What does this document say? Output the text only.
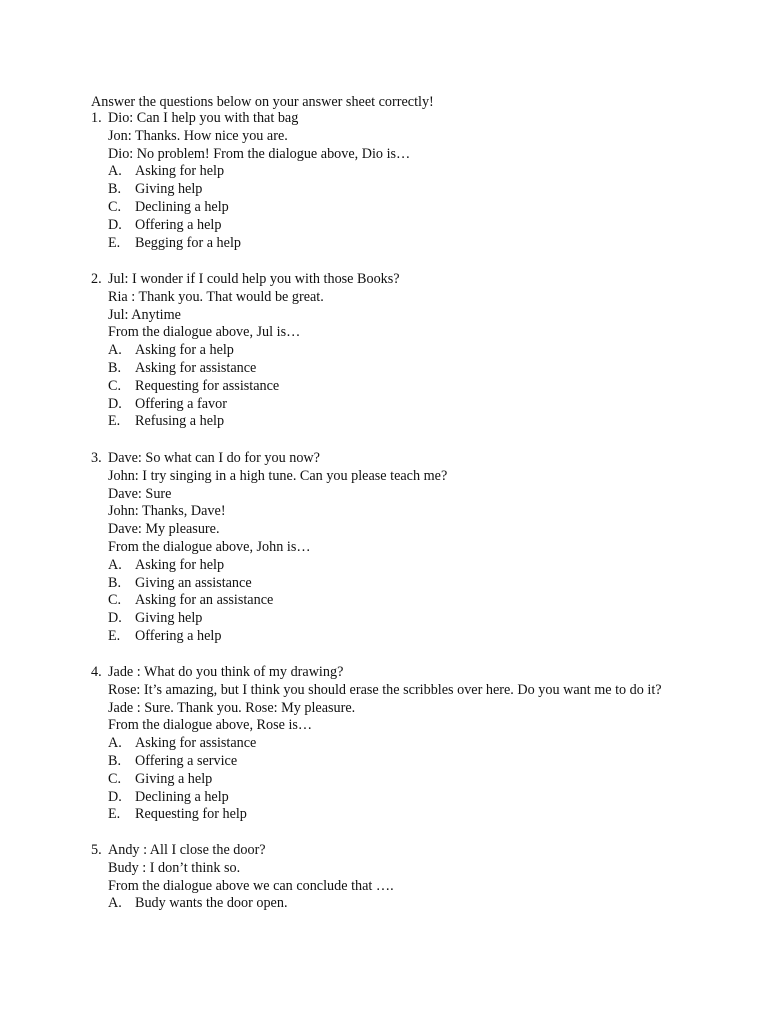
Answer the questions below on your answer sheet correctly!
1. Dio: Can I help you with that bag
Jon: Thanks. How nice you are.
Dio: No problem! From the dialogue above, Dio is…
A. Asking for help
B. Giving help
C. Declining a help
D. Offering a help
E. Begging for a help
2. Jul: I wonder if I could help you with those Books?
Ria : Thank you. That would be great.
Jul: Anytime
From the dialogue above, Jul is…
A. Asking for a help
B. Asking for assistance
C. Requesting for assistance
D. Offering a favor
E. Refusing a help
3. Dave: So what can I do for you now?
John: I try singing in a high tune. Can you please teach me?
Dave: Sure
John: Thanks, Dave!
Dave: My pleasure.
From the dialogue above, John is…
A. Asking for help
B. Giving an assistance
C. Asking for an assistance
D. Giving help
E. Offering a help
4. Jade : What do you think of my drawing?
Rose: It’s amazing, but I think you should erase the scribbles over here. Do you want me to do it?
Jade : Sure. Thank you. Rose: My pleasure.
From the dialogue above, Rose is…
A. Asking for assistance
B. Offering a service
C. Giving a help
D. Declining a help
E. Requesting for help
5. Andy : All I close the door?
Budy : I don’t think so.
From the dialogue above we can conclude that ….
A. Budy wants the door open.
